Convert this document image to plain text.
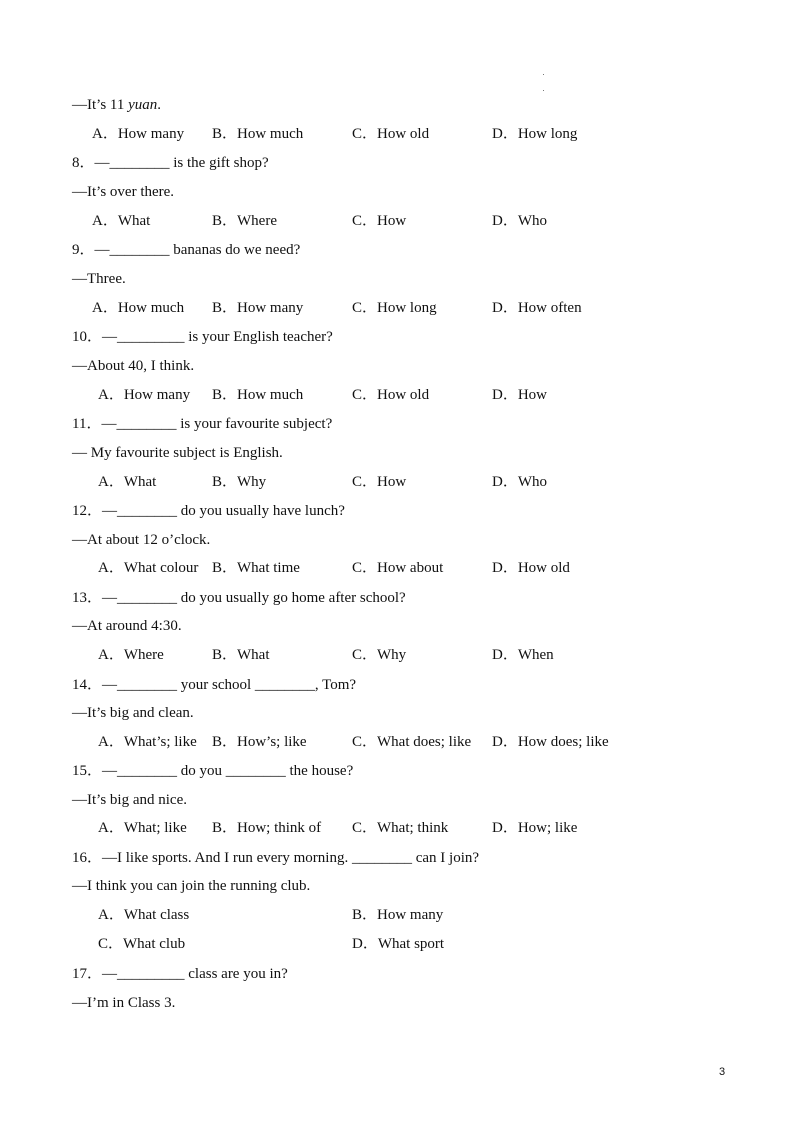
—It’s 11 yuan.
A．How many B．How much	C．How old	D．How long
8．—________ is the gift shop?
—It’s over there.
A．What	B．Where	C．How	D．Who
9．—________ bananas do we need?
—Three.
A．How much B．How many	C．How long	D．How often
10．—_________ is your English teacher?
—About 40, I think.
A．How many B．How much	C．How old	D．How
11．—________ is your favourite subject?
— My favourite subject is English.
A．What	B．Why	C．How	D．Who
12．—________ do you usually have lunch?
—At about 12 o’clock.
A．What colour B．What time	C．How about	D．How old
13．—________ do you usually go home after school?
—At around 4:30.
A．Where	B．What	C．Why	D．When
14．—________ your school ________, Tom?
—It’s big and clean.
A．What’s; like B．How’s; like	C．What does; like D．How does; like
15．—________ do you ________ the house?
—It’s big and nice.
A．What; like B．How; think of C．What; think	D．How; like
16．—I like sports. And I run every morning. ________ can I join?
—I think you can join the running club.
A．What class	B．How many
C．What club	D．What sport
17．—_________ class are you in?
—I’m in Class 3.
3
